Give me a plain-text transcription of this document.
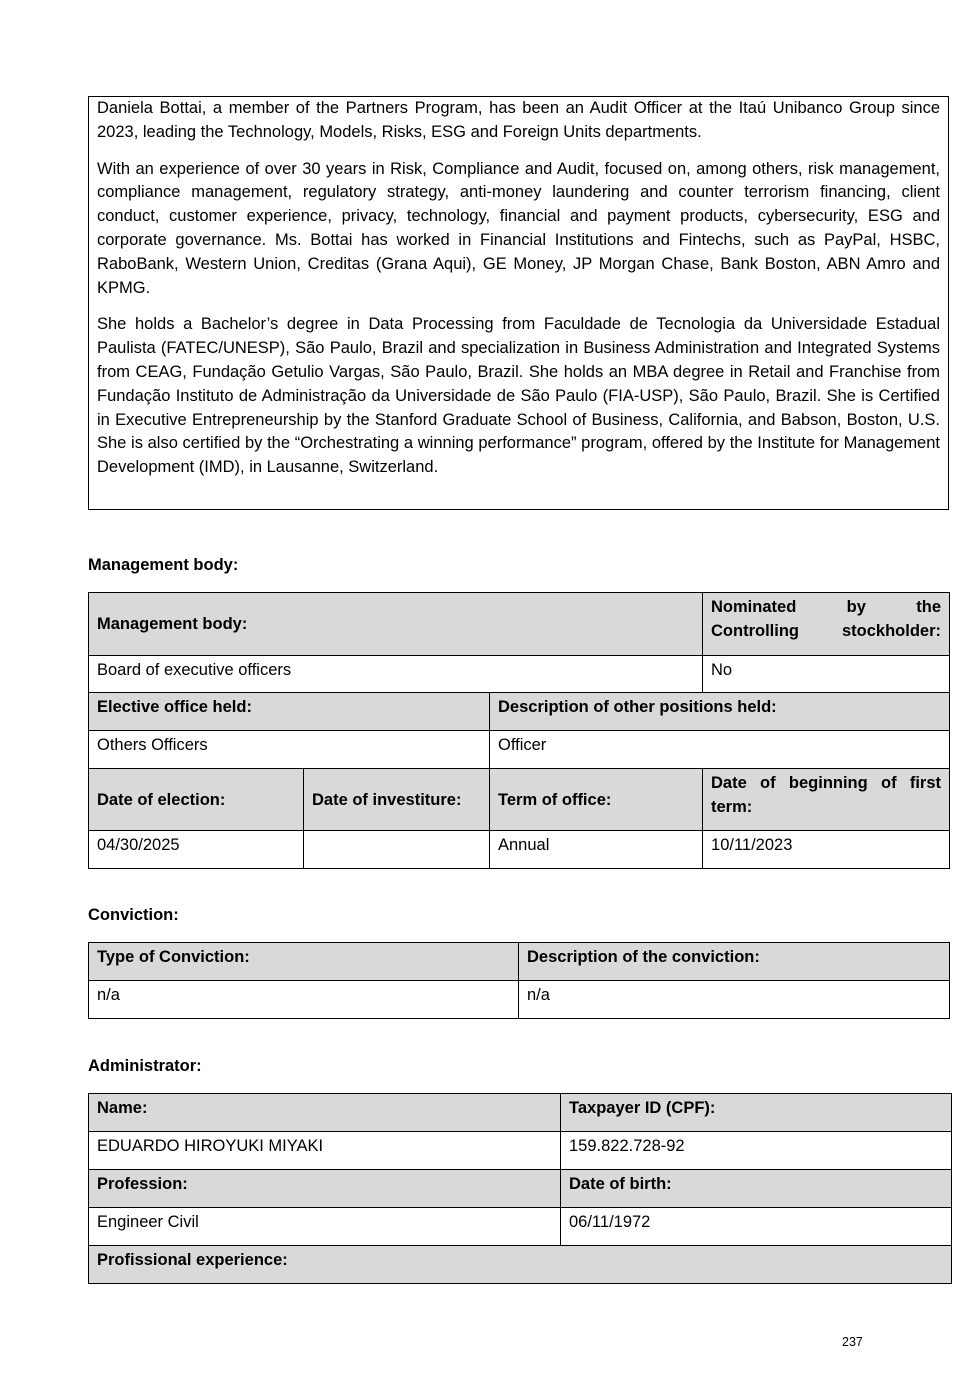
Daniela Bottai, a member of the Partners Program, has been an Audit Officer at the Itaú Unibanco Group since 2023, leading the Technology, Models, Risks, ESG and Foreign Units departments.

With an experience of over 30 years in Risk, Compliance and Audit, focused on, among others, risk management, compliance management, regulatory strategy, anti-money laundering and counter terrorism financing, client conduct, customer experience, privacy, technology, financial and payment products, cybersecurity, ESG and corporate governance. Ms. Bottai has worked in Financial Institutions and Fintechs, such as PayPal, HSBC, RaboBank, Western Union, Creditas (Grana Aqui), GE Money, JP Morgan Chase, Bank Boston, ABN Amro and KPMG.

She holds a Bachelor’s degree in Data Processing from Faculdade de Tecnologia da Universidade Estadual Paulista (FATEC/UNESP), São Paulo, Brazil and specialization in Business Administration and Integrated Systems from CEAG, Fundação Getulio Vargas, São Paulo, Brazil. She holds an MBA degree in Retail and Franchise from Fundação Instituto de Administração da Universidade de São Paulo (FIA-USP), São Paulo, Brazil. She is Certified in Executive Entrepreneurship by the Stanford Graduate School of Business, California, and Babson, Boston, U.S. She is also certified by the “Orchestrating a winning performance” program, offered by the Institute for Management Development (IMD), in Lausanne, Switzerland.

Management body:
Management body:			Nominated by the Controlling stockholder:
Board of executive officers			No
Elective office held:		Description of other positions held:	
Others Officers		Officer	
Date of election:	Date of investiture:	Term of office:	Date of beginning of first term:
04/30/2025		Annual	10/11/2023
Conviction:
Type of Conviction:	Description of the conviction:
n/a	n/a
Administrator:
Name:	Taxpayer ID (CPF):
EDUARDO HIROYUKI MIYAKI	159.822.728-92
Profession:	Date of birth:
Engineer Civil	06/11/1972
Profissional experience:	
237
